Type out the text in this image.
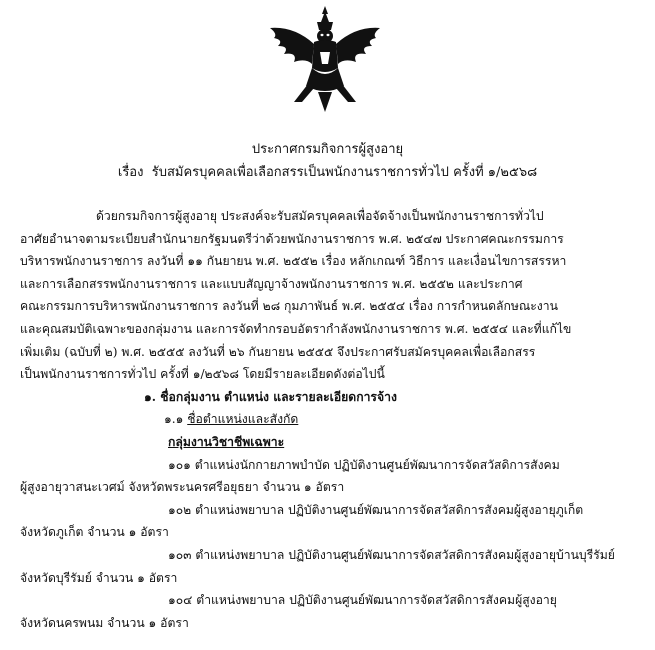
ประกาศกรมกิจการผู้สูงอายุ
เรื่อง รับสมัครบุคคลเพื่อเลือกสรรเป็นพนักงานราชการทั่วไป ครั้งที่ ๑/๒๕๖๘
ด้วยกรมกิจการผู้สูงอายุ ประสงค์จะรับสมัครบุคคลเพื่อจัดจ้างเป็นพนักงานราชการทั่วไป
อาศัยอำนาจตามระเบียบสำนักนายกรัฐมนตรีว่าด้วยพนักงานราชการ พ.ศ. ๒๕๔๗ ประกาศคณะกรรมการ
บริหารพนักงานราชการ ลงวันที่ ๑๑ กันยายน พ.ศ. ๒๕๕๒ เรื่อง หลักเกณฑ์ วิธีการ และเงื่อนไขการสรรหา
และการเลือกสรรพนักงานราชการ และแบบสัญญาจ้างพนักงานราชการ พ.ศ. ๒๕๕๒ และประกาศ
คณะกรรมการบริหารพนักงานราชการ ลงวันที่ ๒๘ กุมภาพันธ์ พ.ศ. ๒๕๕๔ เรื่อง การกำหนดลักษณะงาน
และคุณสมบัติเฉพาะของกลุ่มงาน และการจัดทำกรอบอัตรากำลังพนักงานราชการ พ.ศ. ๒๕๕๔ และที่แก้ไข
เพิ่มเติม (ฉบับที่ ๒) พ.ศ. ๒๕๕๕ ลงวันที่ ๒๖ กันยายน ๒๕๕๕ จึงประกาศรับสมัครบุคคลเพื่อเลือกสรร
เป็นพนักงานราชการทั่วไป ครั้งที่ ๑/๒๕๖๘ โดยมีรายละเอียดดังต่อไปนี้
๑. ชื่อกลุ่มงาน ตำแหน่ง และรายละเอียดการจ้าง
๑.๑ ชื่อตำแหน่งและสังกัด
กลุ่มงานวิชาชีพเฉพาะ
๑๐๑ ตำแหน่งนักกายภาพบำบัด ปฏิบัติงานศูนย์พัฒนาการจัดสวัสดิการสังคม
ผู้สูงอายุวาสนะเวศม์ จังหวัดพระนครศรีอยุธยา จำนวน ๑ อัตรา
๑๐๒ ตำแหน่งพยาบาล ปฏิบัติงานศูนย์พัฒนาการจัดสวัสดิการสังคมผู้สูงอายุภูเก็ต
จังหวัดภูเก็ต จำนวน ๑ อัตรา
๑๐๓ ตำแหน่งพยาบาล ปฏิบัติงานศูนย์พัฒนาการจัดสวัสดิการสังคมผู้สูงอายุบ้านบุรีรัมย์
จังหวัดบุรีรัมย์ จำนวน ๑ อัตรา
๑๐๔ ตำแหน่งพยาบาล ปฏิบัติงานศูนย์พัฒนาการจัดสวัสดิการสังคมผู้สูงอายุ
จังหวัดนครพนม จำนวน ๑ อัตรา
